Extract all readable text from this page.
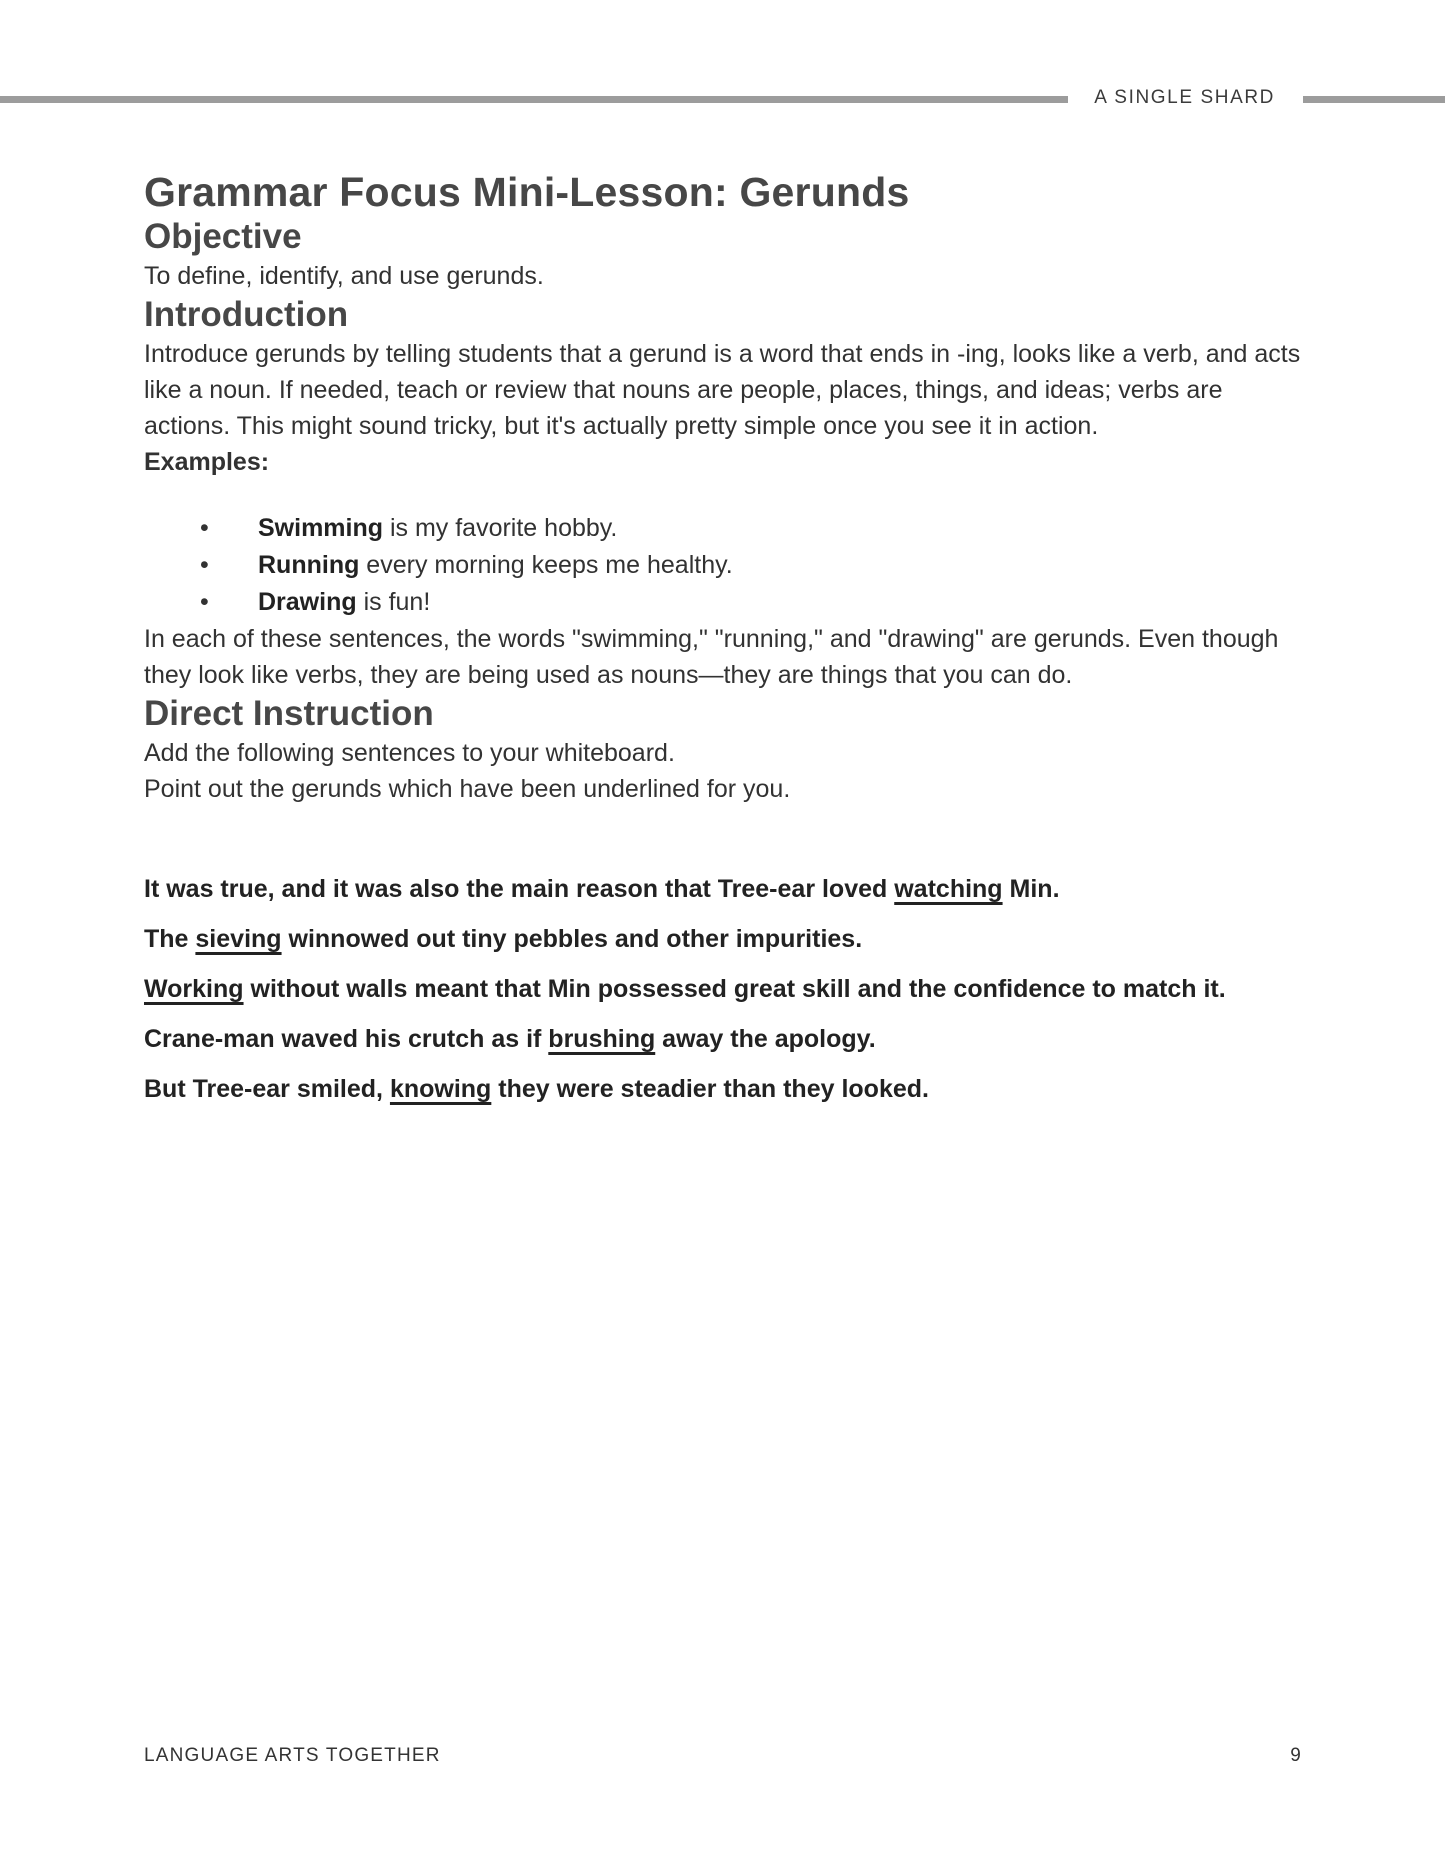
A SINGLE SHARD
Grammar Focus Mini-Lesson: Gerunds
Objective

To define, identify, and use gerunds.

Introduction

Introduce gerunds by telling students that a gerund is a word that ends in -ing, looks like a verb, and acts like a noun. If needed, teach or review that nouns are people, places, things, and ideas; verbs are actions. This might sound tricky, but it's actually pretty simple once you see it in action.

Examples:

• Swimming is my favorite hobby.
• Running every morning keeps me healthy.
• Drawing is fun!

In each of these sentences, the words "swimming," "running," and "drawing" are gerunds. Even though they look like verbs, they are being used as nouns—they are things that you can do.

Direct Instruction

Add the following sentences to your whiteboard.

Point out the gerunds which have been underlined for you.

It was true, and it was also the main reason that Tree-ear loved watching Min.

The sieving winnowed out tiny pebbles and other impurities.

Working without walls meant that Min possessed great skill and the confidence to match it.

Crane-man waved his crutch as if brushing away the apology.

But Tree-ear smiled, knowing they were steadier than they looked.

LANGUAGE ARTS TOGETHER	9
